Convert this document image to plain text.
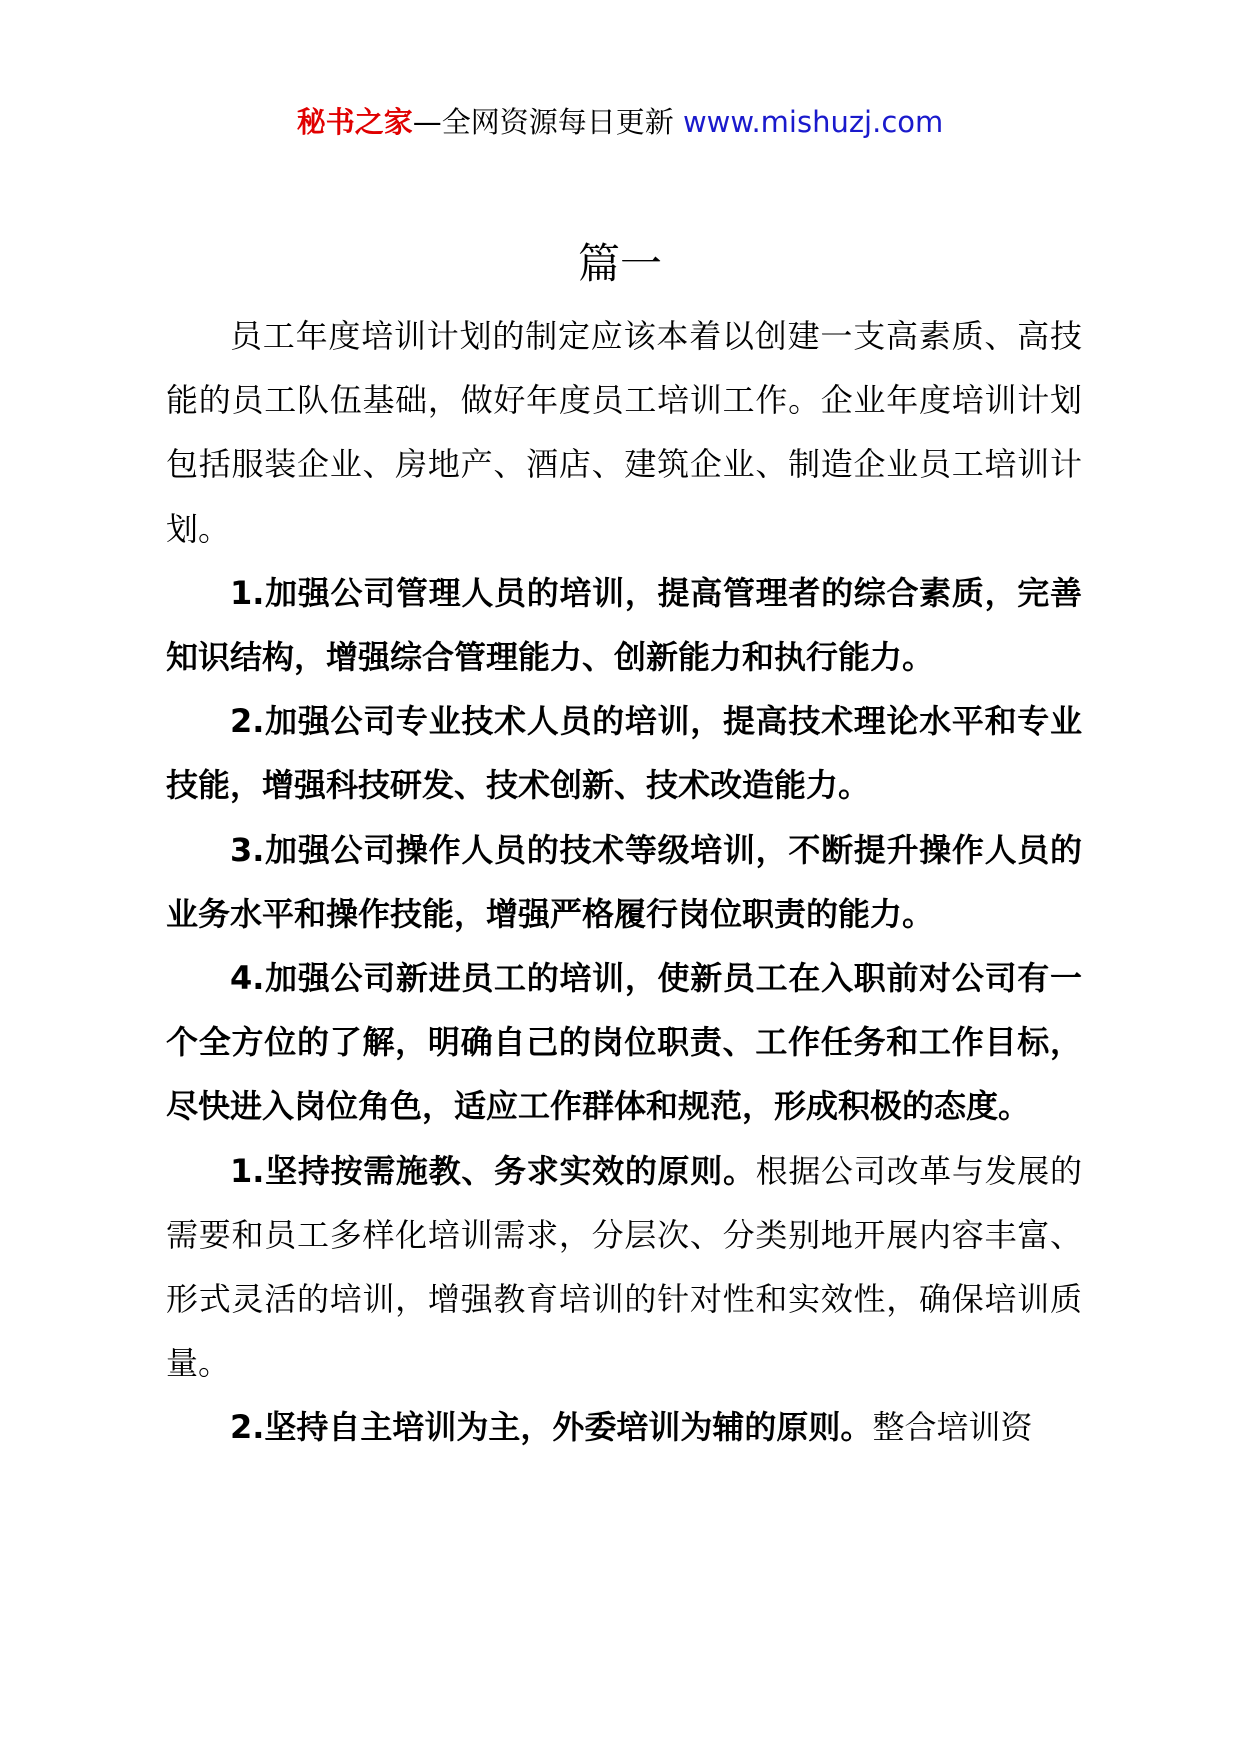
秘书之家—全网资源每日更新 www.mishuzj.com
篇一

员工年度培训计划的制定应该本着以创建一支高素质、高技能的员工队伍基础，做好年度员工培训工作。企业年度培训计划包括服装企业、房地产、酒店、建筑企业、制造企业员工培训计划。

1.加强公司管理人员的培训，提高管理者的综合素质，完善知识结构，增强综合管理能力、创新能力和执行能力。

2.加强公司专业技术人员的培训，提高技术理论水平和专业技能，增强科技研发、技术创新、技术改造能力。

3.加强公司操作人员的技术等级培训，不断提升操作人员的业务水平和操作技能，增强严格履行岗位职责的能力。

4.加强公司新进员工的培训，使新员工在入职前对公司有一个全方位的了解，明确自己的岗位职责、工作任务和工作目标，尽快进入岗位角色，适应工作群体和规范，形成积极的态度。

1.坚持按需施教、务求实效的原则。根据公司改革与发展的需要和员工多样化培训需求，分层次、分类别地开展内容丰富、形式灵活的培训，增强教育培训的针对性和实效性，确保培训质量。

2.坚持自主培训为主，外委培训为辅的原则。整合培训资
